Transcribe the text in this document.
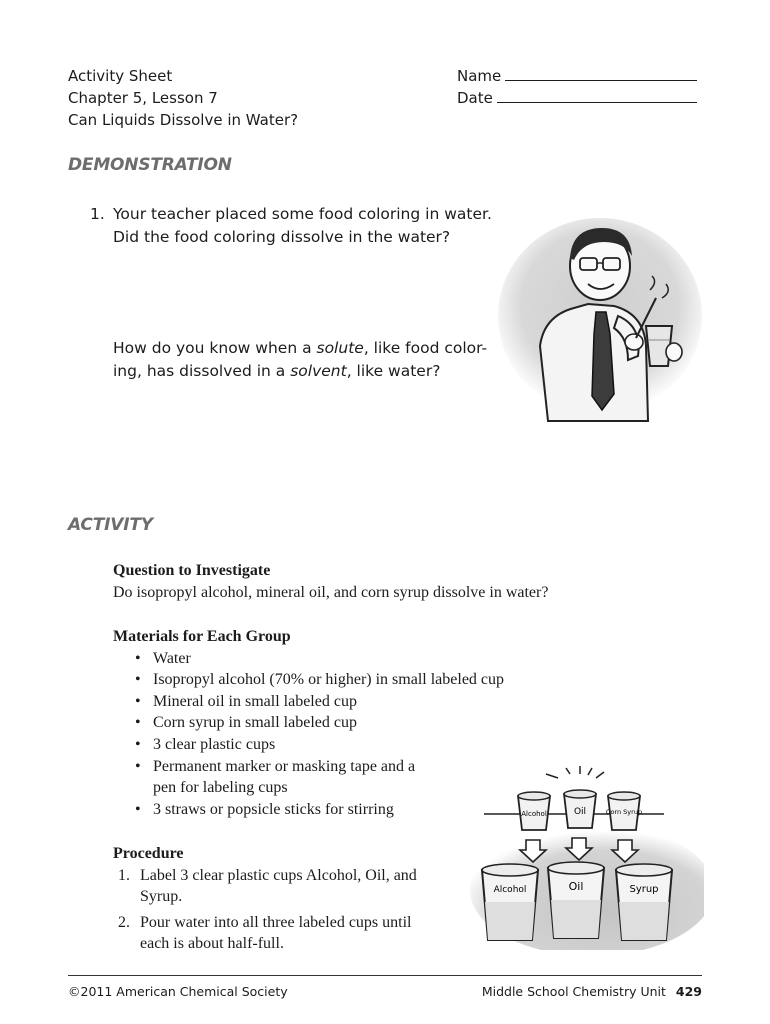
Activity Sheet
Chapter 5, Lesson 7
Can Liquids Dissolve in Water?
Name
Date
DEMONSTRATION
1. Your teacher placed some food coloring in water.
Did the food coloring dissolve in the water?
How do you know when a solute, like food color-
ing, has dissolved in a solvent, like water?
ACTIVITY
Question to Investigate
Do isopropyl alcohol, mineral oil, and corn syrup dissolve in water?
Materials for Each Group
• Water
• Isopropyl alcohol (70% or higher) in small labeled cup
• Mineral oil in small labeled cup
• Corn syrup in small labeled cup
• 3 clear plastic cups
• Permanent marker or masking tape and a
pen for labeling cups
• 3 straws or popsicle sticks for stirring
Procedure
1. Label 3 clear plastic cups Alcohol, Oil, and
Syrup.
2. Pour water into all three labeled cups until
each is about half-full.
Alcohol	Oil	Corn Syrup
Alcohol	Oil	Syrup
©2011 American Chemical Society	Middle School Chemistry Unit 429
